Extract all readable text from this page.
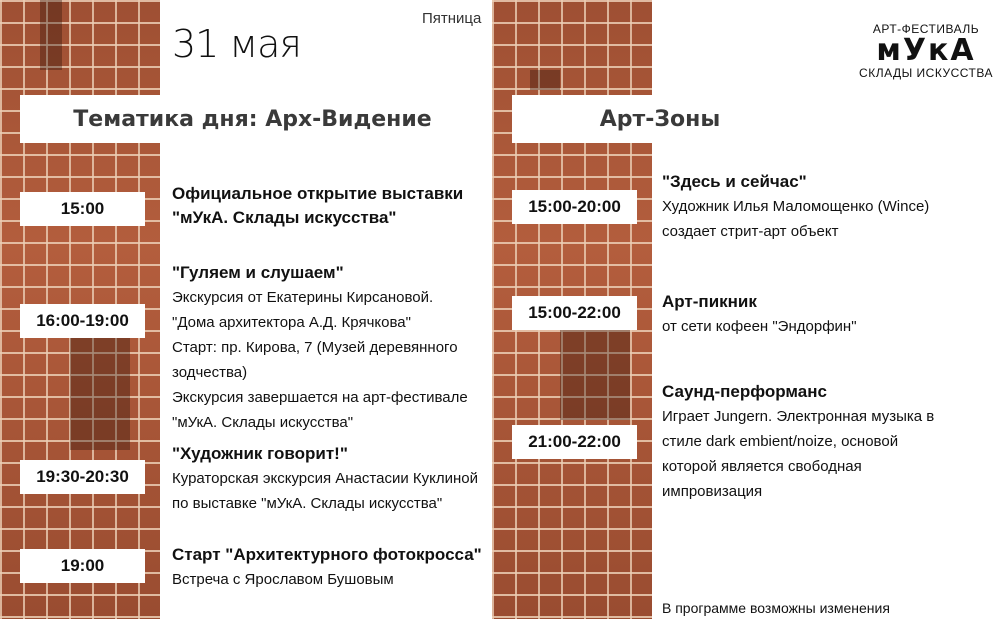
31 мая
Пятница
АРТ-ФЕСТИВАЛЬ
мУкА
СКЛАДЫ ИСКУССТВА
Тематика дня: Арх-Видение	Арт-Зоны
15:00
Официальное открытие выставки "мУкА. Склады искусства"
16:00-19:00
"Гуляем и слушаем"
Экскурсия от Екатерины Кирсановой.
"Дома архитектора А.Д. Крячкова"
Старт: пр. Кирова, 7 (Музей деревянного
зодчества)
Экскурсия завершается на арт-фестивале
"мУкА. Склады искусства"
19:30-20:30
"Художник говорит!"
Кураторская экскурсия Анастасии Куклиной
по выставке "мУкА. Склады искусства"
19:00
Старт "Архитектурного фотокросса"
Встреча с Ярославом Бушовым
15:00-20:00
"Здесь и сейчас"
Художник Илья Маломощенко (Wince)
создает стрит-арт объект
15:00-22:00
Арт-пикник
от сети кофеен "Эндорфин"
21:00-22:00
Саунд-перформанс
Играет Jungern. Электронная музыка в
стиле dark embient/noize, основой
которой является свободная
импровизация
В программе возможны изменения
